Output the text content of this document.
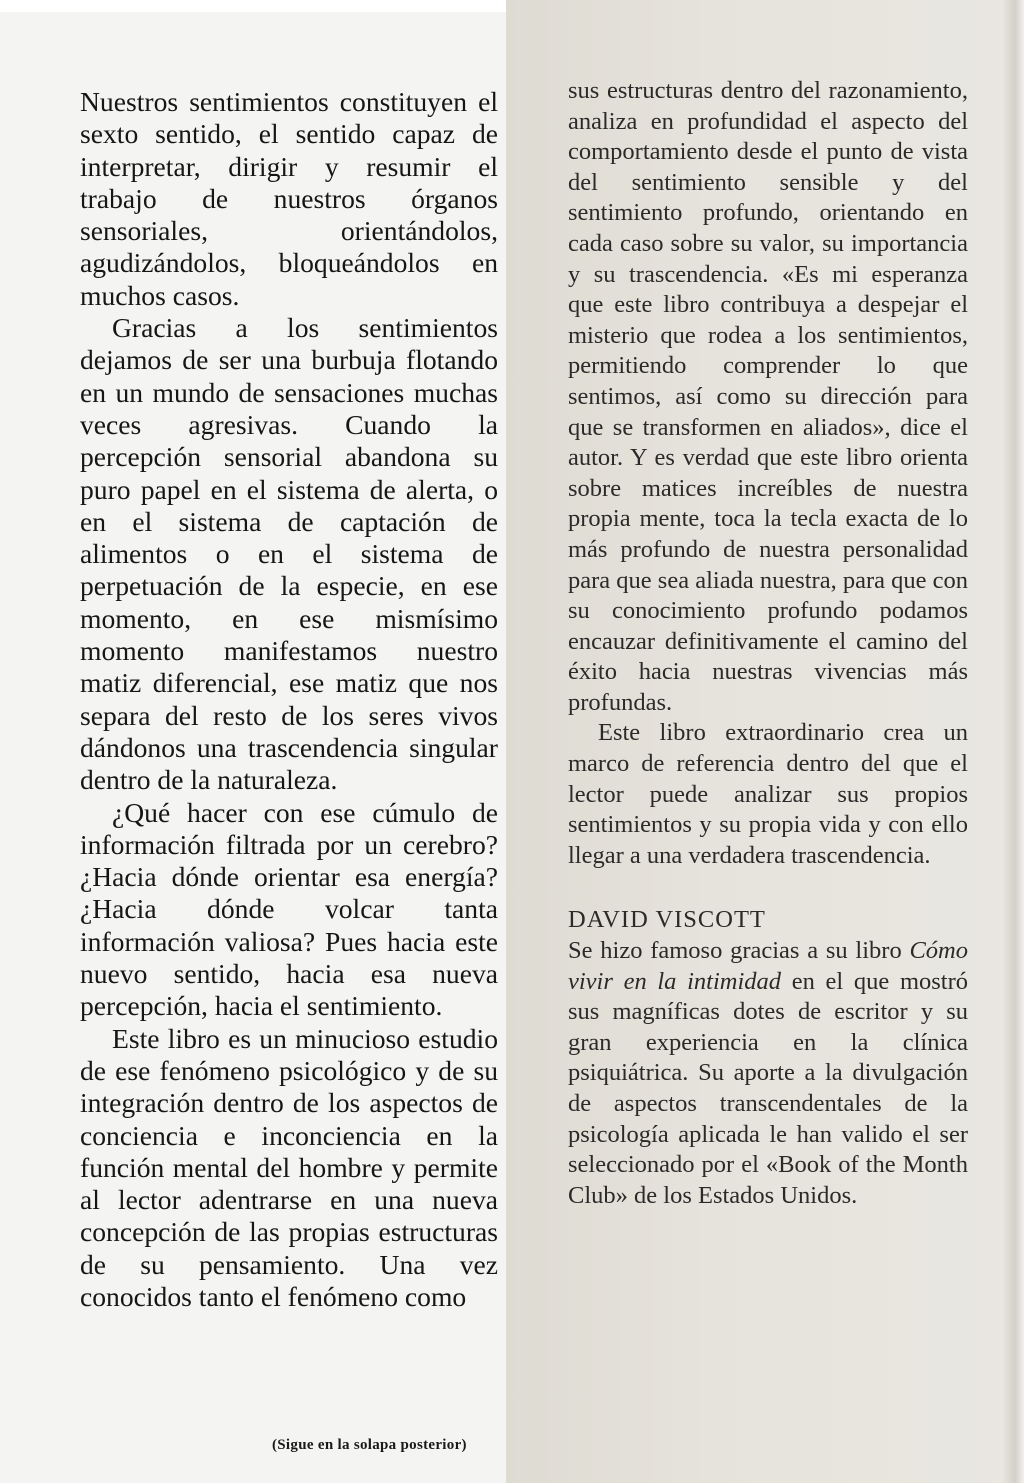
Nuestros sentimientos constituyen el sexto sentido, el sentido capaz de interpretar, dirigir y resumir el trabajo de nuestros órganos sensoriales, orientándolos, agudizándolos, bloqueándolos en muchos casos.

Gracias a los sentimientos dejamos de ser una burbuja flotando en un mundo de sensaciones muchas veces agresivas. Cuando la percepción sensorial abandona su puro papel en el sistema de alerta, o en el sistema de captación de alimentos o en el sistema de perpetuación de la especie, en ese momento, en ese mismísimo momento manifestamos nuestro matiz diferencial, ese matiz que nos separa del resto de los seres vivos dándonos una trascendencia singular dentro de la naturaleza.

¿Qué hacer con ese cúmulo de información filtrada por un cerebro? ¿Hacia dónde orientar esa energía? ¿Hacia dónde volcar tanta información valiosa? Pues hacia este nuevo sentido, hacia esa nueva percepción, hacia el sentimiento.

Este libro es un minucioso estudio de ese fenómeno psicológico y de su integración dentro de los aspectos de conciencia e inconciencia en la función mental del hombre y permite al lector adentrarse en una nueva concepción de las propias estructuras de su pensamiento. Una vez conocidos tanto el fenómeno como

(Sigue en la solapa posterior)

sus estructuras dentro del razonamiento, analiza en profundidad el aspecto del comportamiento desde el punto de vista del sentimiento sensible y del sentimiento profundo, orientando en cada caso sobre su valor, su importancia y su trascendencia. «Es mi esperanza que este libro contribuya a despejar el misterio que rodea a los sentimientos, permitiendo comprender lo que sentimos, así como su dirección para que se transformen en aliados», dice el autor. Y es verdad que este libro orienta sobre matices increíbles de nuestra propia mente, toca la tecla exacta de lo más profundo de nuestra personalidad para que sea aliada nuestra, para que con su conocimiento profundo podamos encauzar definitivamente el camino del éxito hacia nuestras vivencias más profundas.

Este libro extraordinario crea un marco de referencia dentro del que el lector puede analizar sus propios sentimientos y su propia vida y con ello llegar a una verdadera trascendencia.

DAVID VISCOTT

Se hizo famoso gracias a su libro Cómo vivir en la intimidad en el que mostró sus magníficas dotes de escritor y su gran experiencia en la clínica psiquiátrica. Su aporte a la divulgación de aspectos transcendentales de la psicología aplicada le han valido el ser seleccionado por el «Book of the Month Club» de los Estados Unidos.
